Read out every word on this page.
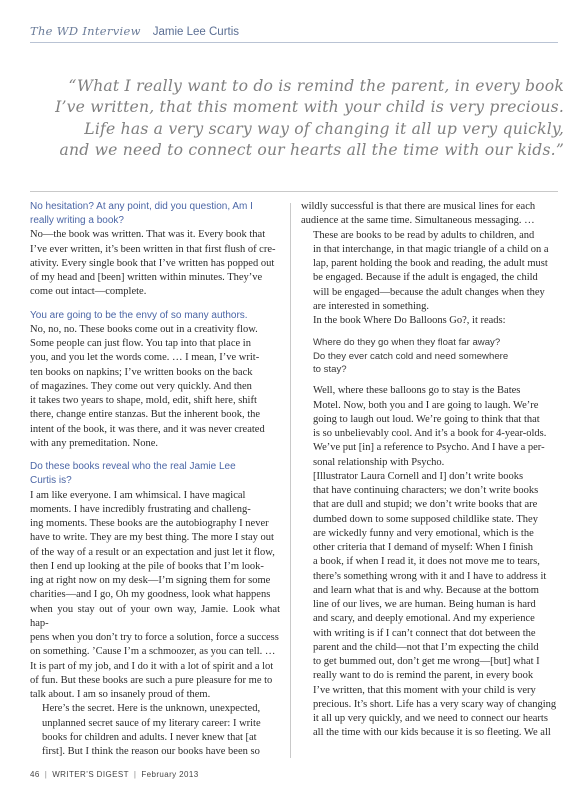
The WD Interview Jamie Lee Curtis
“What I really want to do is remind the parent, in every book
I’ve written, that this moment with your child is very precious.
Life has a very scary way of changing it all up very quickly,
and we need to connect our hearts all the time with our kids.”

No hesitation? At any point, did you question, Am I
really writing a book?

No—the book was written. That was it. Every book that
I’ve ever written, it’s been written in that first flush of cre-
ativity. Every single book that I’ve written has popped out
of my head and [been] written within minutes. They’ve
come out intact—complete.

You are going to be the envy of so many authors.

No, no, no. These books come out in a creativity flow.
Some people can just flow. You tap into that place in
you, and you let the words come. … I mean, I’ve writ-
ten books on napkins; I’ve written books on the back
of magazines. They come out very quickly. And then
it takes two years to shape, mold, edit, shift here, shift
there, change entire stanzas. But the inherent book, the
intent of the book, it was there, and it was never created
with any premeditation. None.

Do these books reveal who the real Jamie Lee
Curtis is?

I am like everyone. I am whimsical. I have magical
moments. I have incredibly frustrating and challeng-
ing moments. These books are the autobiography I never
have to write. They are my best thing. The more I stay out
of the way of a result or an expectation and just let it flow,
then I end up looking at the pile of books that I’m look-
ing at right now on my desk—I’m signing them for some
charities—and I go, Oh my goodness, look what happens
when you stay out of your own way, Jamie. Look what hap-
pens when you don’t try to force a solution, force a success
on something. ’Cause I’m a schmoozer, as you can tell. …
It is part of my job, and I do it with a lot of spirit and a lot
of fun. But these books are such a pure pleasure for me to
talk about. I am so insanely proud of them.

Here’s the secret. Here is the unknown, unexpected,
unplanned secret sauce of my literary career: I write
books for children and adults. I never knew that [at
first]. But I think the reason our books have been so

wildly successful is that there are musical lines for each
audience at the same time. Simultaneous messaging. …

These are books to be read by adults to children, and
in that interchange, in that magic triangle of a child on a
lap, parent holding the book and reading, the adult must
be engaged. Because if the adult is engaged, the child
will be engaged—because the adult changes when they
are interested in something.

In the book Where Do Balloons Go?, it reads:

Where do they go when they float far away?
Do they ever catch cold and need somewhere
to stay?

Well, where these balloons go to stay is the Bates
Motel. Now, both you and I are going to laugh. We’re
going to laugh out loud. We’re going to think that that
is so unbelievably cool. And it’s a book for 4-year-olds.
We’ve put [in] a reference to Psycho. And I have a per-
sonal relationship with Psycho.

[Illustrator Laura Cornell and I] don’t write books
that have continuing characters; we don’t write books
that are dull and stupid; we don’t write books that are
dumbed down to some supposed childlike state. They
are wickedly funny and very emotional, which is the
other criteria that I demand of myself: When I finish
a book, if when I read it, it does not move me to tears,
there’s something wrong with it and I have to address it
and learn what that is and why. Because at the bottom
line of our lives, we are human. Being human is hard
and scary, and deeply emotional. And my experience
with writing is if I can’t connect that dot between the
parent and the child—not that I’m expecting the child
to get bummed out, don’t get me wrong—[but] what I
really want to do is remind the parent, in every book
I’ve written, that this moment with your child is very
precious. It’s short. Life has a very scary way of changing
it all up very quickly, and we need to connect our hearts
all the time with our kids because it is so fleeting. We all

46 | WRITER’S DIGEST | February 2013
